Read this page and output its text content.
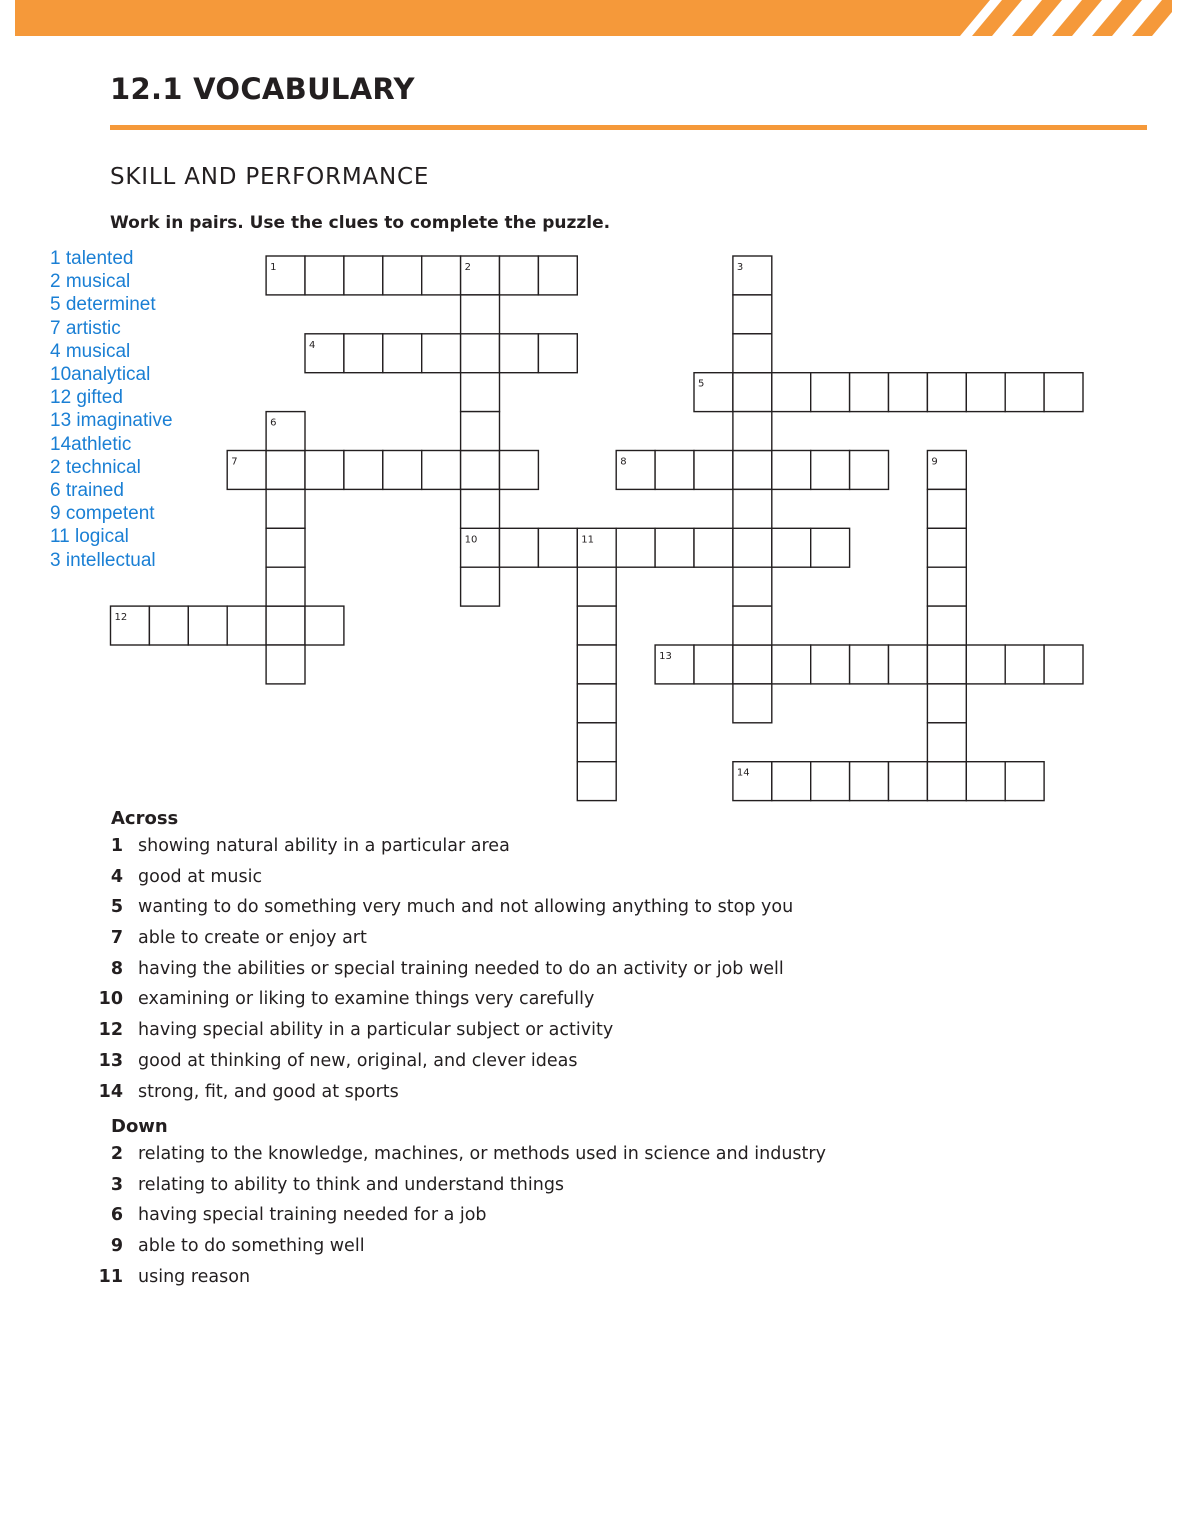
12.1 VOCABULARY
SKILL AND PERFORMANCE

Work in pairs. Use the clues to complete the puzzle.

1 talented
2 musical
5 determinet
7 artistic
4 musical
10analytical
12 gifted
13 imaginative
14athletic
2 technical
6 trained
9 competent
11 logical
3 intellectual
1
4
5
7	8
10
12
13
14
2	3
6
9
11
Across
1 showing natural ability in a particular area
4 good at music
5 wanting to do something very much and not allowing anything to stop you
7 able to create or enjoy art
8 having the abilities or special training needed to do an activity or job well
10 examining or liking to examine things very carefully
12 having special ability in a particular subject or activity
13 good at thinking of new, original, and clever ideas
14 strong, fit, and good at sports
Down
2 relating to the knowledge, machines, or methods used in science and industry
3 relating to ability to think and understand things
6 having special training needed for a job
9 able to do something well
11 using reason
